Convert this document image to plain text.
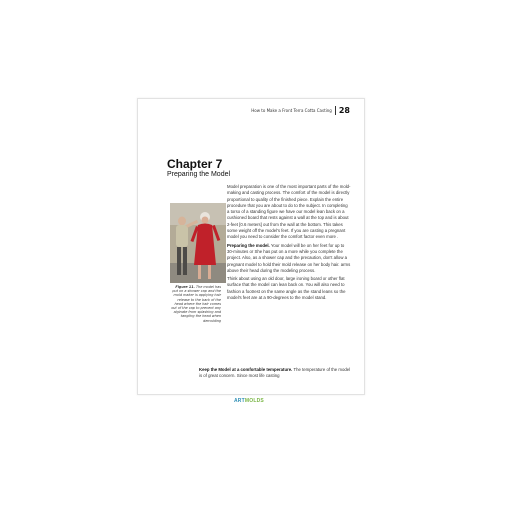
How to Make a Front Terra Cotta Casting 28
Chapter 7
Preparing the Model

Model preparation is one of the most important parts of the mold-making and casting process. The comfort of the model is directly proportional to quality of the finished piece. Explain the entire procedure that you are about to do to the subject. In completing a torso of a standing figure we have our model lean back on a cushioned board that rests against a wall at the top and is about 2-feet [0.6 meters] out from the wall at the bottom. This takes some weight off the model's feet. If you are casting a pregnant model you need to consider the comfort factor even more .

Preparing the model. Your model will be on her feet for up to 30-minutes or She has put on a more while you complete the project. Also, as a shower cap and the precaution, don't allow a pregnant model to hold their mold release on her body hair. arms above their head during the modeling process.

Think about using an old door, large ironing board or other flat surface that the model can lean back on. You will also need to fashion a footrest on the same angle as the stand leans so the model's feet are at a 90-degrees to the model stand.

Figure 11. The model has put on a shower cap and the mold maker is applying hair release to the back of the head where the hair comes out of the cap to prevent any alginate from splashing and tangling the head when demolding

Keep the Model at a comfortable temperature. The temperature of the model is of great concern. Since most life casting

ARTMOLDS
